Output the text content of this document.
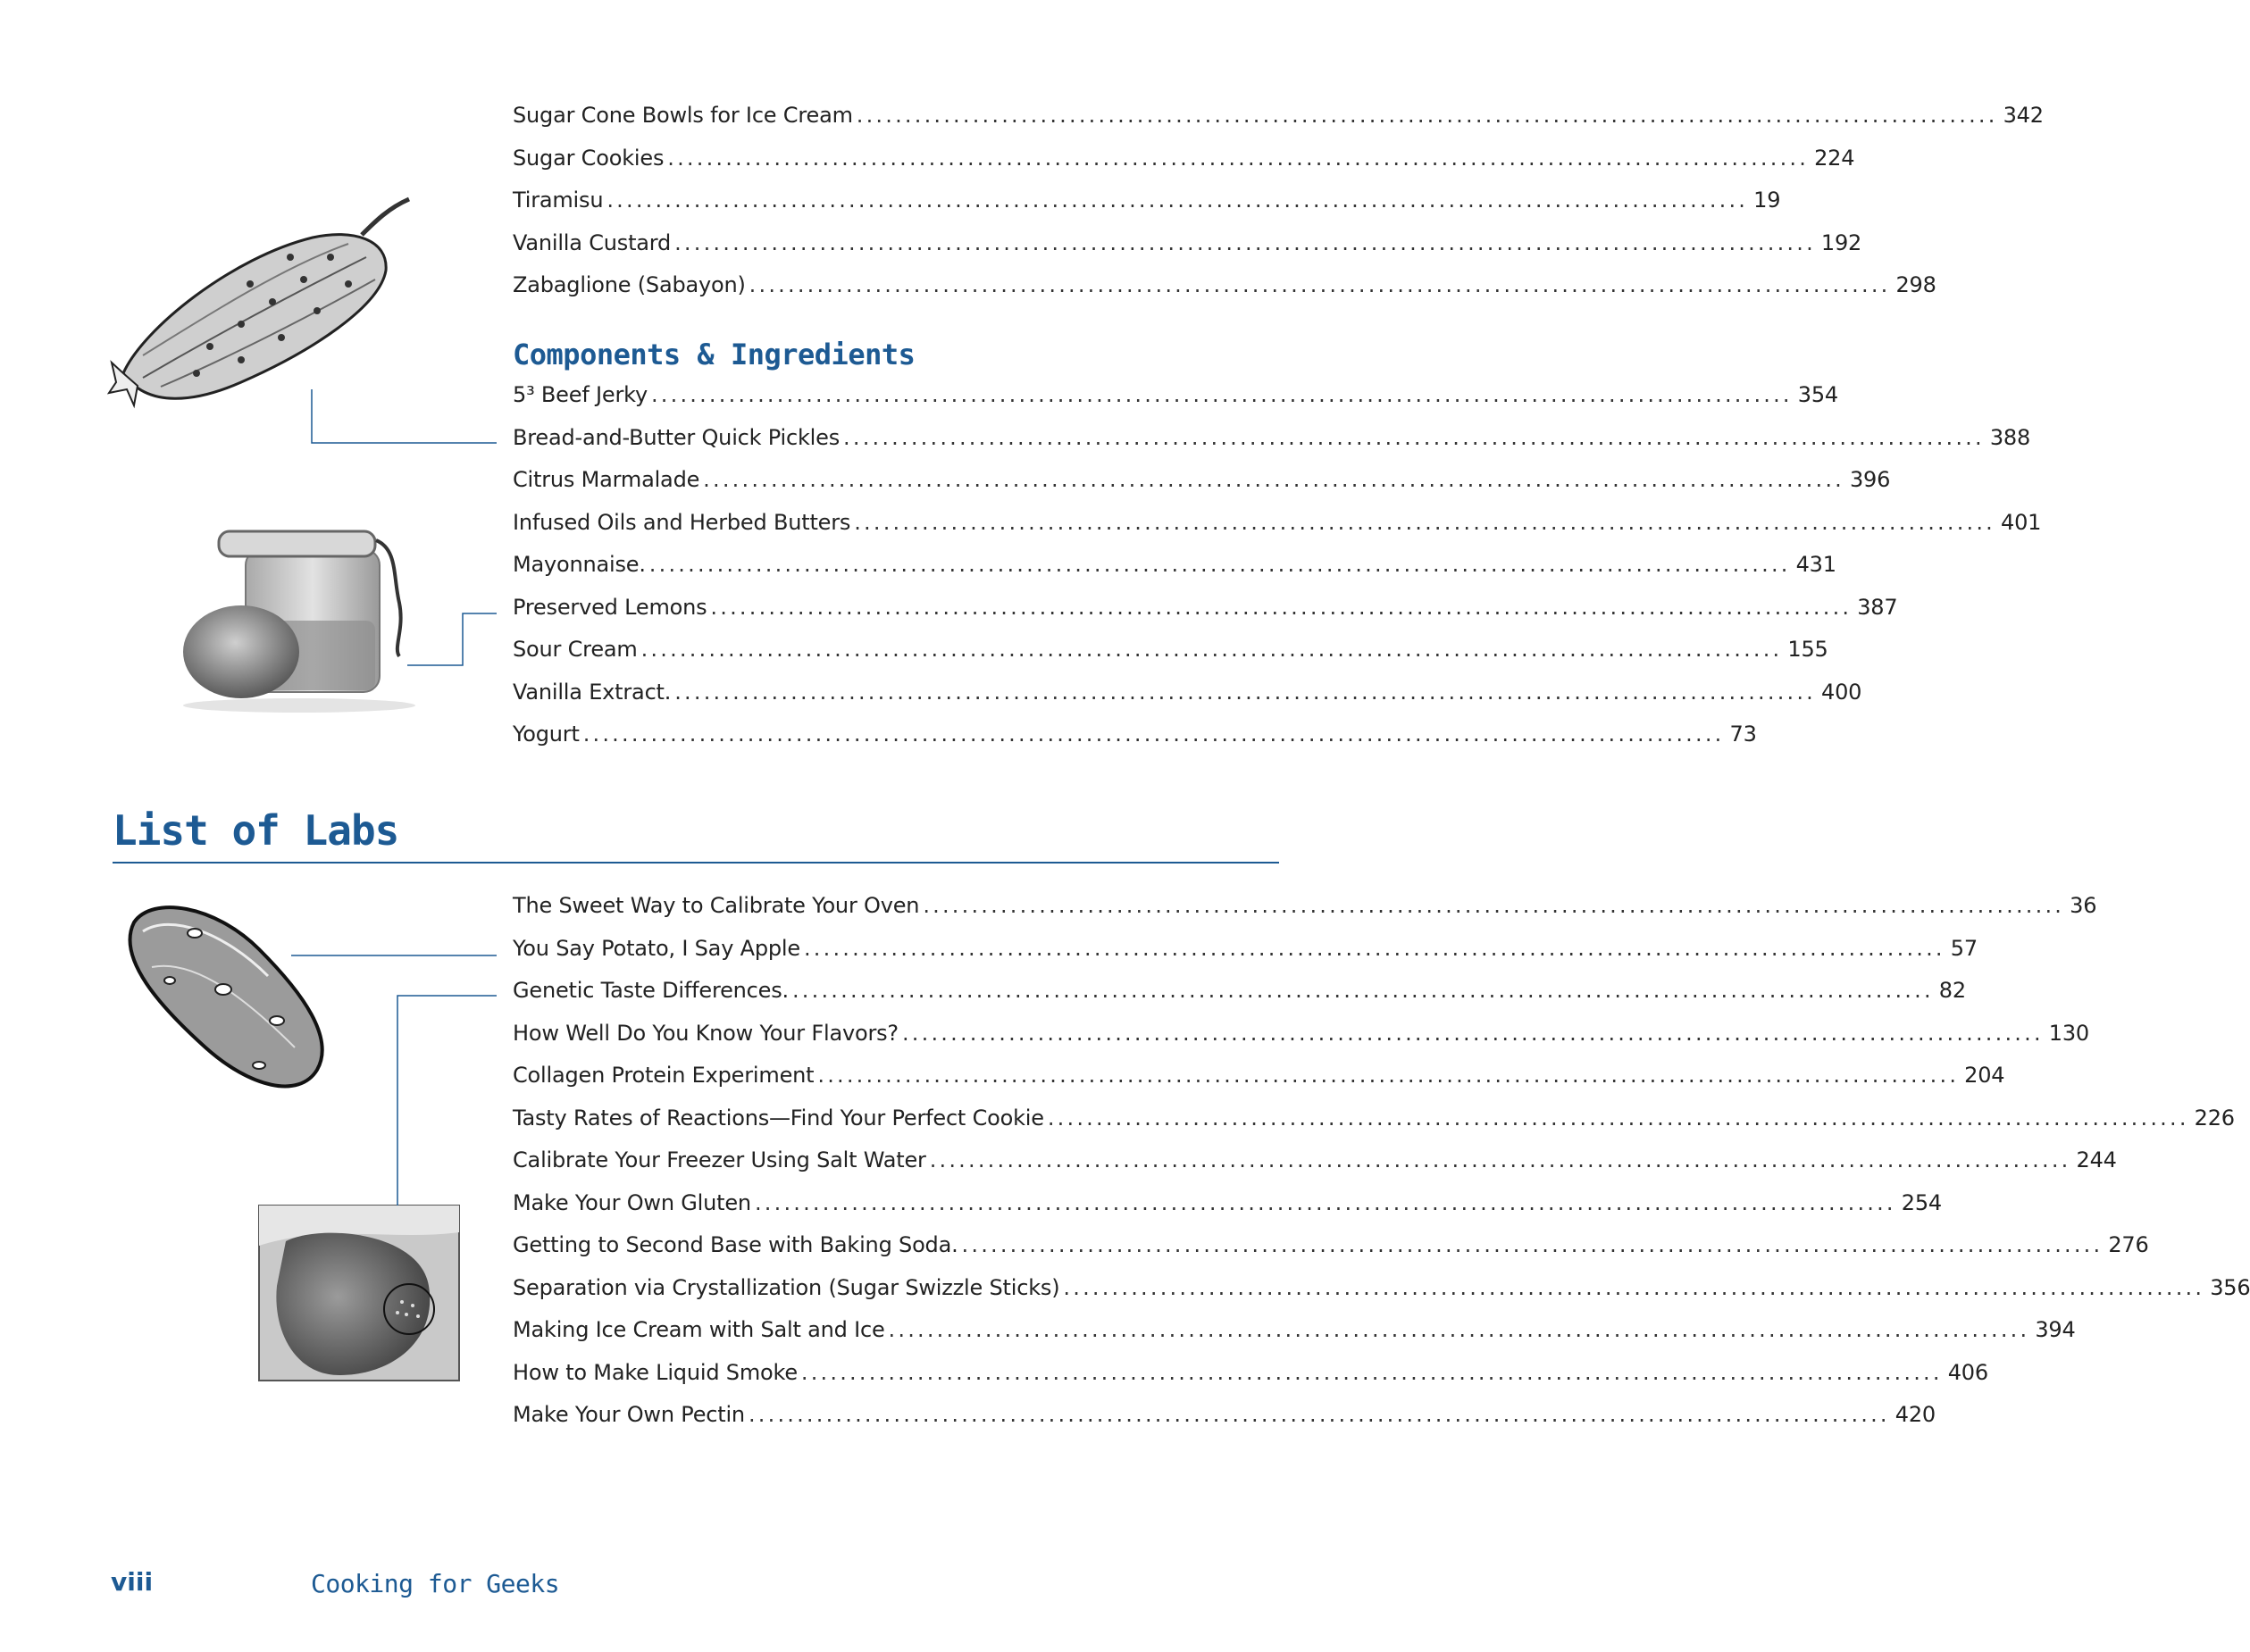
Sugar Cone Bowls for Ice Cream ...................................................................................................................... 342
Sugar Cookies ...................................................................................................................... 224
Tiramisu ...................................................................................................................... 19
Vanilla Custard ...................................................................................................................... 192
Zabaglione (Sabayon) ...................................................................................................................... 298
Components & Ingredients
5³ Beef Jerky ...................................................................................................................... 354
Bread-and-Butter Quick Pickles ...................................................................................................................... 388
Citrus Marmalade ...................................................................................................................... 396
Infused Oils and Herbed Butters ...................................................................................................................... 401
Mayonnaise. ...................................................................................................................... 431
Preserved Lemons ...................................................................................................................... 387
Sour Cream ...................................................................................................................... 155
Vanilla Extract. ...................................................................................................................... 400
Yogurt ...................................................................................................................... 73
List of Labs
The Sweet Way to Calibrate Your Oven ...................................................................................................................... 36
You Say Potato, I Say Apple ...................................................................................................................... 57
Genetic Taste Differences. ...................................................................................................................... 82
How Well Do You Know Your Flavors? ...................................................................................................................... 130
Collagen Protein Experiment ...................................................................................................................... 204
Tasty Rates of Reactions—Find Your Perfect Cookie ...................................................................................................................... 226
Calibrate Your Freezer Using Salt Water ...................................................................................................................... 244
Make Your Own Gluten ...................................................................................................................... 254
Getting to Second Base with Baking Soda. ...................................................................................................................... 276
Separation via Crystallization (Sugar Swizzle Sticks) ...................................................................................................................... 356
Making Ice Cream with Salt and Ice ...................................................................................................................... 394
How to Make Liquid Smoke ...................................................................................................................... 406
Make Your Own Pectin ...................................................................................................................... 420
viii	Cooking for Geeks
